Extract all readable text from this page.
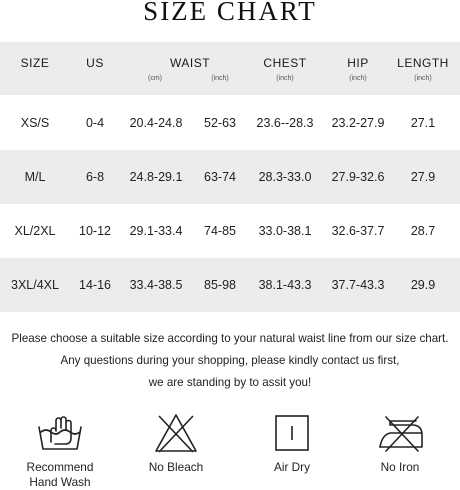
SIZE CHART
SIZE	US	WAIST	CHEST	HIP	LENGTH
(cm)	(inch)	(inch)	(inch)	(inch)
XS/S	0-4	20.4-24.8	52-63	23.6--28.3	23.2-27.9	27.1
M/L	6-8	24.8-29.1	63-74	28.3-33.0	27.9-32.6	27.9
XL/2XL	10-12	29.1-33.4	74-85	33.0-38.1	32.6-37.7	28.7
3XL/4XL	14-16	33.4-38.5	85-98	38.1-43.3	37.7-43.3	29.9
Please choose a suitable size according to your natural waist line from our size chart.
Any questions during your shopping, please kindly contact us first,
we are standing by to assit you!
Recommend
Hand Wash
No Bleach	Air Dry	No Iron
